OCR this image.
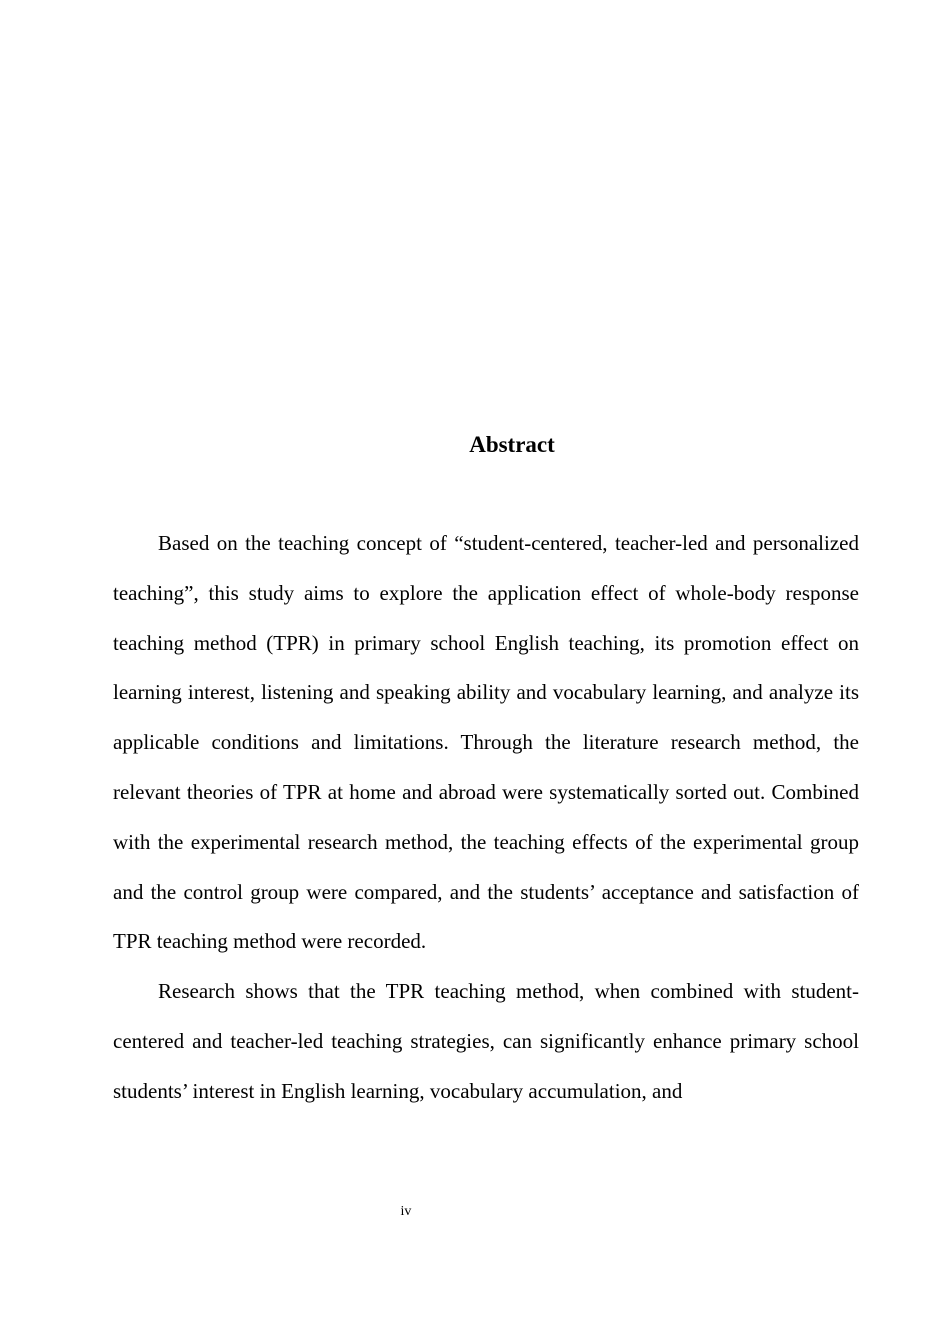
Abstract

Based on the teaching concept of “student-centered, teacher-led and personalized teaching”, this study aims to explore the application effect of whole-body response teaching method (TPR) in primary school English teaching, its promotion effect on learning interest, listening and speaking ability and vocabulary learning, and analyze its applicable conditions and limitations. Through the literature research method, the relevant theories of TPR at home and abroad were systematically sorted out. Combined with the experimental research method, the teaching effects of the experimental group and the control group were compared, and the students’ acceptance and satisfaction of TPR teaching method were recorded.

Research shows that the TPR teaching method, when combined with student-centered and teacher-led teaching strategies, can significantly enhance primary school students’ interest in English learning, vocabulary accumulation, and

iv
